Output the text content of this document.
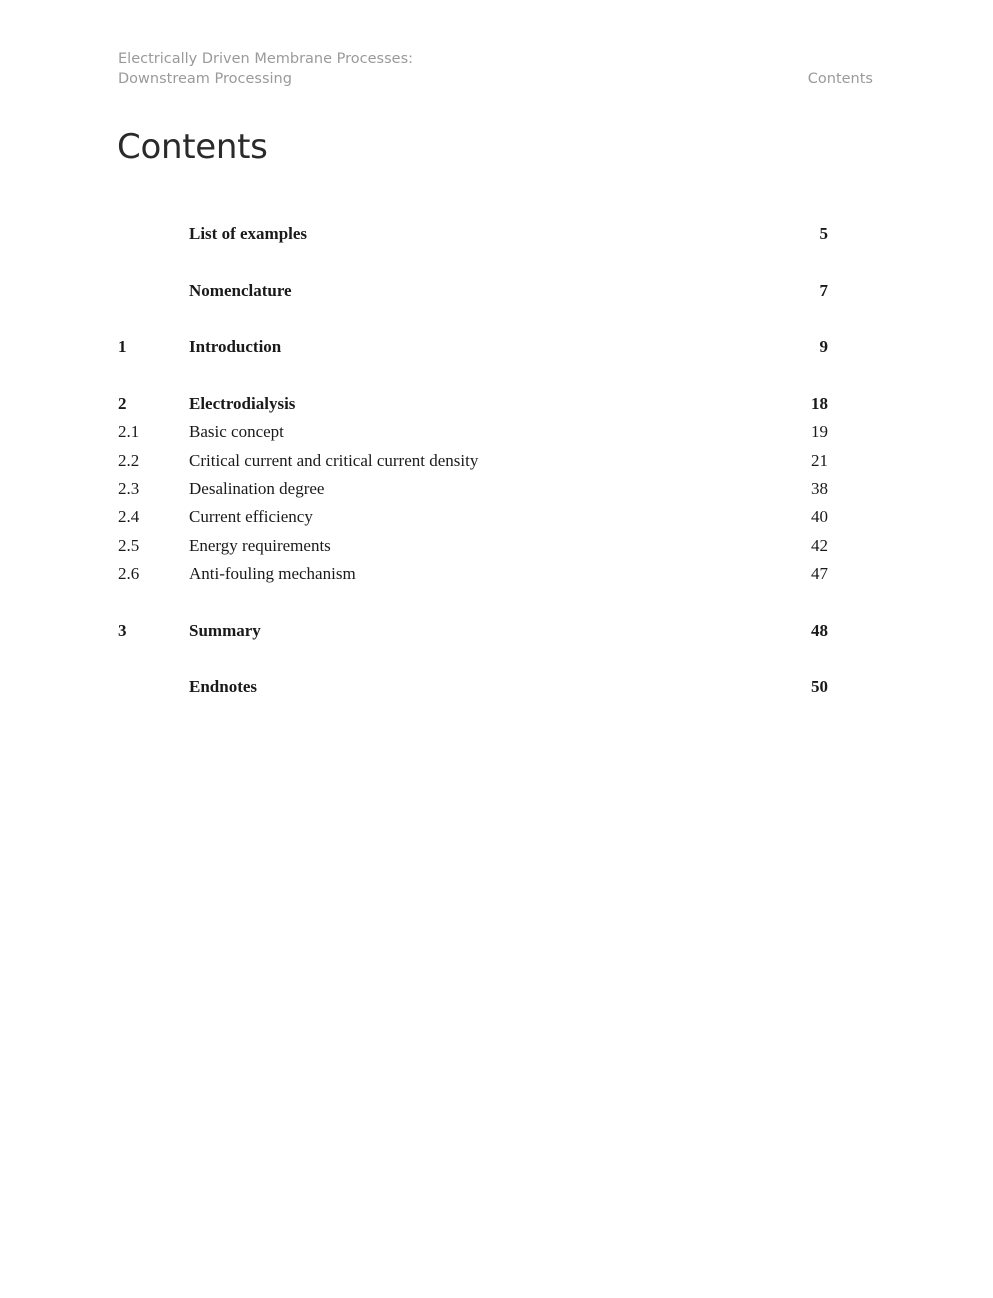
Electrically Driven Membrane Processes:
Downstream Processing	Contents
Contents
List of examples	5
Nomenclature	7
1	Introduction	9
2	Electrodialysis	18
2.1	Basic concept	19
2.2	Critical current and critical current density	21
2.3	Desalination degree	38
2.4	Current efficiency	40
2.5	Energy requirements	42
2.6	Anti-fouling mechanism	47
3	Summary	48
Endnotes	50
